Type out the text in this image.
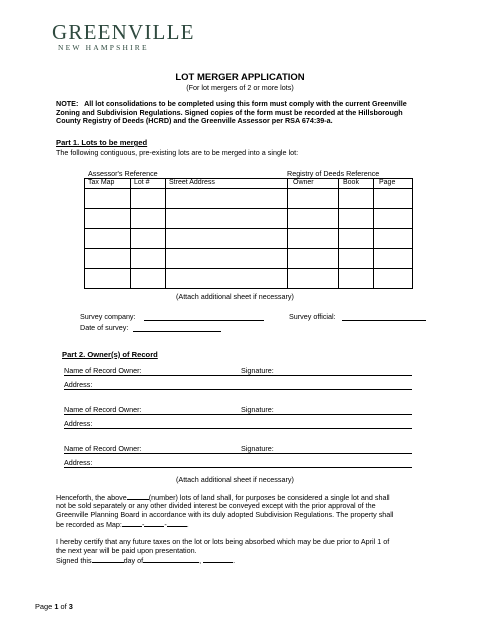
GREENVILLE
NEW HAMPSHIRE
LOT MERGER APPLICATION
(For lot mergers of 2 or more lots)
NOTE: All lot consolidations to be completed using this form must comply with the current Greenville Zoning and Subdivision Regulations. Signed copies of the form must be recorded at the Hillsborough County Registry of Deeds (HCRD) and the Greenville Assessor per RSA 674:39-a.
Part 1. Lots to be merged
The following contiguous, pre-existing lots are to be merged into a single lot:
Assessor's Reference	Registry of Deeds Reference
Tax Map	Lot #	Street Address	Owner	Book	Page

(Attach additional sheet if necessary)
Survey company:	Survey official:
Date of survey:
Part 2. Owner(s) of Record
Name of Record Owner:	Signature:
Address:
Name of Record Owner:	Signature:
Address:
Name of Record Owner:	Signature:
Address:
(Attach additional sheet if necessary)
Henceforth, the above	(number) lots of land shall, for purposes be considered a single lot and shall
not be sold separately or any other divided interest be conveyed except with the prior approval of the
Greenville Planning Board in accordance with its duly adopted Subdivision Regulations. The property shall
be recorded as Map:	-	-	.
I hereby certify that any future taxes on the lot or lots being absorbed which may be due prior to April 1 of
the next year will be paid upon presentation.
Signed this	day of	,	.
Page 1 of 3
